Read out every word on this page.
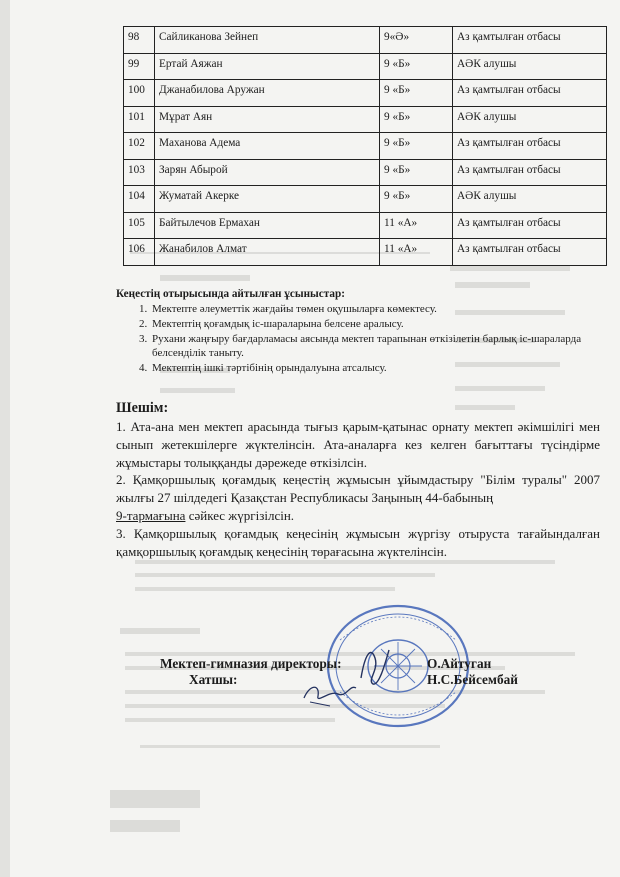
98	Сайликанова Зейнеп	9«Ә»	Аз қамтылған отбасы
99	Ертай Аяжан	9 «Б»	АӘК алушы
100	Джанабилова Аружан	9 «Б»	Аз қамтылған отбасы
101	Мұрат Аян	9 «Б»	АӘК алушы
102	Маханова Адема	9 «Б»	Аз қамтылған отбасы
103	Зарян Абырой	9 «Б»	Аз қамтылған отбасы
104	Жуматай Акерке	9 «Б»	АӘК алушы
105	Байтылечов Ермахан	11 «А»	Аз қамтылған отбасы
106	Жанабилов Алмат	11 «А»	Аз қамтылған отбасы
Кеңестің отырысында айтылған ұсыныстар:
1. Мектепте әлеуметтік жағдайы төмен оқушыларға көмектесу.
2. Мектептің қоғамдық іс-шараларына белсене аралысу.
3. Рухани жаңғыру бағдарламасы аясында мектеп тарапынан өткізілетін барлық іс-шараларда белсенділік таныту.
4. Мектептің ішкі тәртібінің орындалуына атсалысу.
Шешім:

1. Ата-ана мен мектеп арасында тығыз қарым-қатынас орнату мектеп әкімшілігі мен сынып жетекшілерге жүктелінсін. Ата-аналарға кез келген бағыттағы түсіндірме жұмыстары толыққанды дәрежеде өткізілсін.

2. Қамқоршылық қоғамдық кеңестің жұмысын ұйымдастыру "Білім туралы" 2007 жылғы 27 шілдедегі Қазақстан Республикасы Заңының 44-бабының
9-тармағына сәйкес жүргізілсін.

3. Қамқоршылық қоғамдық кеңесінің жұмысын жүргізу отыруста тағайындалған қамқоршылық қоғамдық кеңесінің төрағасына жүктелінсін.

Мектеп-гимназия директоры:	О.Айтуган
Хатшы:	Н.С.Бейсембай
